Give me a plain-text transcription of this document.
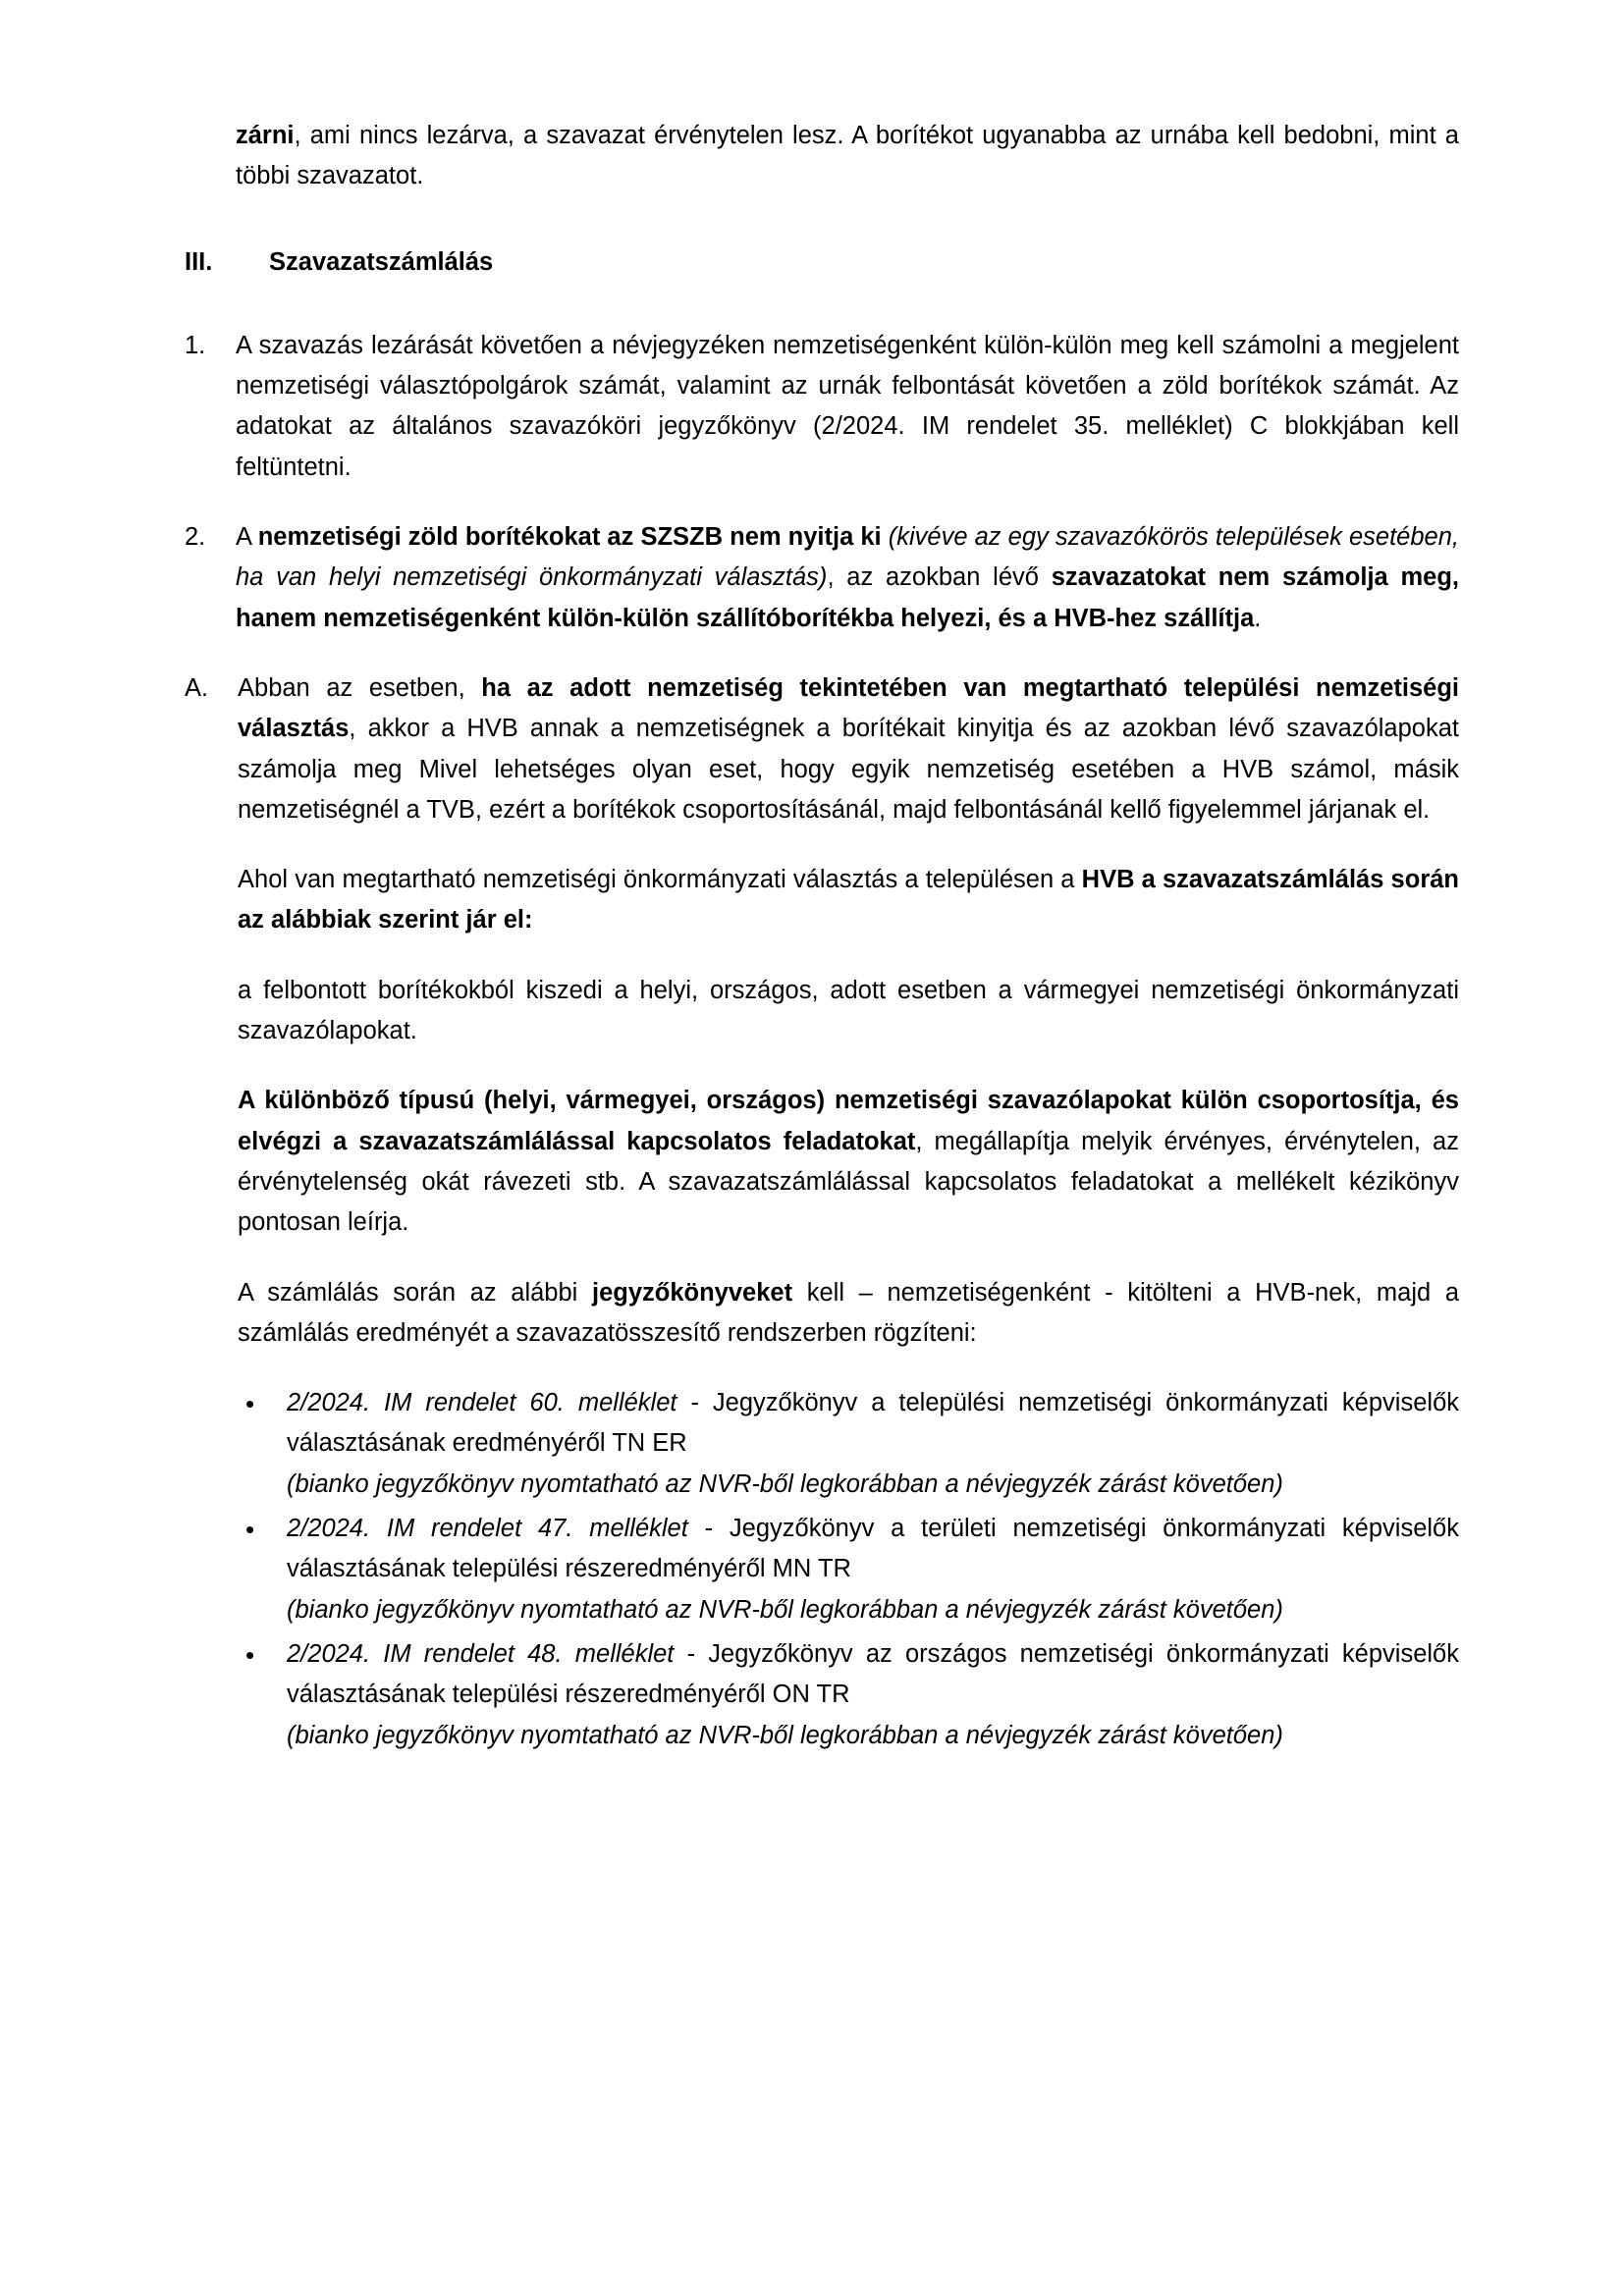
zárni, ami nincs lezárva, a szavazat érvénytelen lesz. A borítékot ugyanabba az urnába kell bedobni, mint a többi szavazatot.

III.	Szavazatszámlálás
1.	A szavazás lezárását követően a névjegyzéken nemzetiségenként külön-külön meg kell számolni a megjelent nemzetiségi választópolgárok számát, valamint az urnák felbontását követően a zöld borítékok számát. Az adatokat az általános szavazóköri jegyzőkönyv (2/2024. IM rendelet 35. melléklet) C blokkjában kell feltüntetni.
2.	A nemzetiségi zöld borítékokat az SZSZB nem nyitja ki (kivéve az egy szavazókörös települések esetében, ha van helyi nemzetiségi önkormányzati választás), az azokban lévő szavazatokat nem számolja meg, hanem nemzetiségenként külön-külön szállítóborítékba helyezi, és a HVB-hez szállítja.
A.	Abban az esetben, ha az adott nemzetiség tekintetében van megtartható települési nemzetiségi választás, akkor a HVB annak a nemzetiségnek a borítékait kinyitja és az azokban lévő szavazólapokat számolja meg Mivel lehetséges olyan eset, hogy egyik nemzetiség esetében a HVB számol, másik nemzetiségnél a TVB, ezért a borítékok csoportosításánál, majd felbontásánál kellő figyelemmel járjanak el.

Ahol van megtartható nemzetiségi önkormányzati választás a településen a HVB a szavazatszámlálás során az alábbiak szerint jár el:

a felbontott borítékokból kiszedi a helyi, országos, adott esetben a vármegyei nemzetiségi önkormányzati szavazólapokat.

A különböző típusú (helyi, vármegyei, országos) nemzetiségi szavazólapokat külön csoportosítja, és elvégzi a szavazatszámlálással kapcsolatos feladatokat, megállapítja melyik érvényes, érvénytelen, az érvénytelenség okát rávezeti stb. A szavazatszámlálással kapcsolatos feladatokat a mellékelt kézikönyv pontosan leírja.

A számlálás során az alábbi jegyzőkönyveket kell – nemzetiségenként - kitölteni a HVB-nek, majd a számlálás eredményét a szavazatösszesítő rendszerben rögzíteni:

•	2/2024. IM rendelet 60. melléklet - Jegyzőkönyv a települési nemzetiségi önkormányzati képviselők választásának eredményéről TN ER
(bianko jegyzőkönyv nyomtatható az NVR-ből legkorábban a névjegyzék zárást követően)
•	2/2024. IM rendelet 47. melléklet - Jegyzőkönyv a területi nemzetiségi önkormányzati képviselők választásának települési részeredményéről MN TR
(bianko jegyzőkönyv nyomtatható az NVR-ből legkorábban a névjegyzék zárást követően)
•	2/2024. IM rendelet 48. melléklet - Jegyzőkönyv az országos nemzetiségi önkormányzati képviselők választásának települési részeredményéről ON TR
(bianko jegyzőkönyv nyomtatható az NVR-ből legkorábban a névjegyzék zárást követően)
